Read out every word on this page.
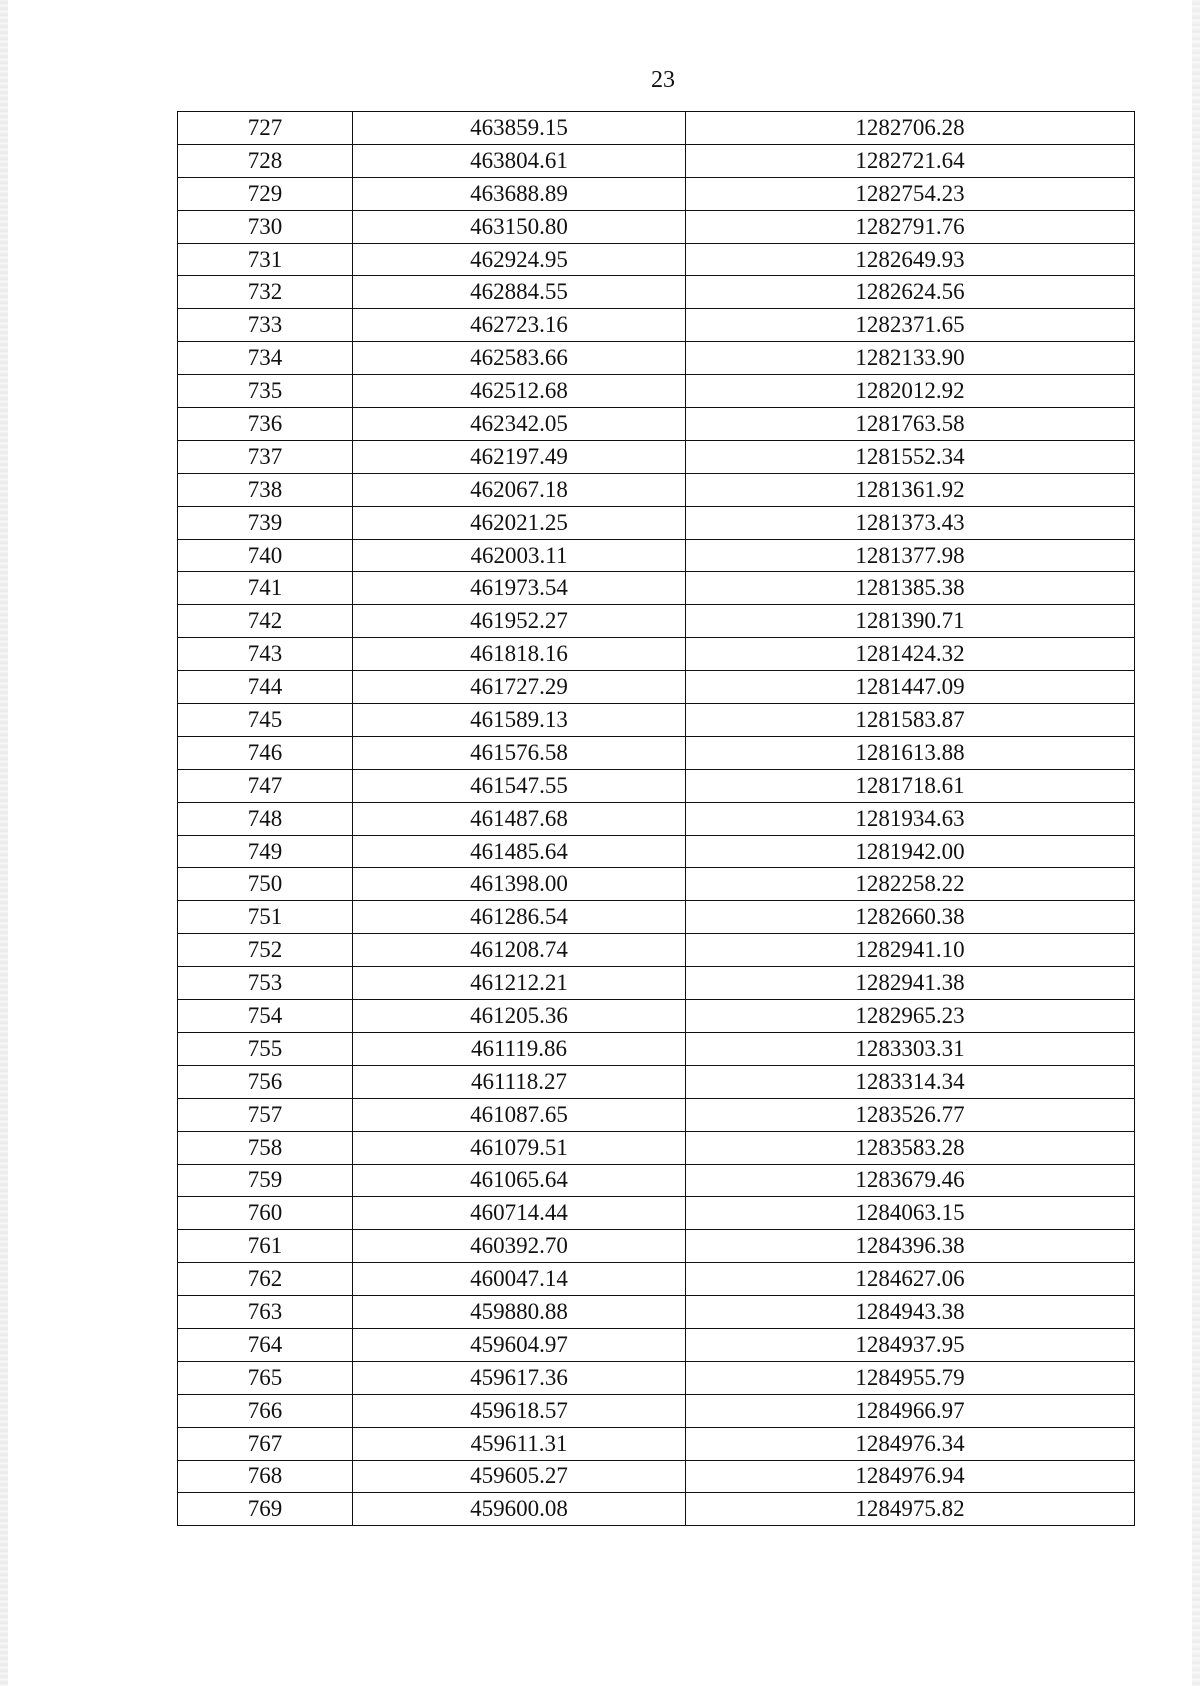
23
727	463859.15	1282706.28
728	463804.61	1282721.64
729	463688.89	1282754.23
730	463150.80	1282791.76
731	462924.95	1282649.93
732	462884.55	1282624.56
733	462723.16	1282371.65
734	462583.66	1282133.90
735	462512.68	1282012.92
736	462342.05	1281763.58
737	462197.49	1281552.34
738	462067.18	1281361.92
739	462021.25	1281373.43
740	462003.11	1281377.98
741	461973.54	1281385.38
742	461952.27	1281390.71
743	461818.16	1281424.32
744	461727.29	1281447.09
745	461589.13	1281583.87
746	461576.58	1281613.88
747	461547.55	1281718.61
748	461487.68	1281934.63
749	461485.64	1281942.00
750	461398.00	1282258.22
751	461286.54	1282660.38
752	461208.74	1282941.10
753	461212.21	1282941.38
754	461205.36	1282965.23
755	461119.86	1283303.31
756	461118.27	1283314.34
757	461087.65	1283526.77
758	461079.51	1283583.28
759	461065.64	1283679.46
760	460714.44	1284063.15
761	460392.70	1284396.38
762	460047.14	1284627.06
763	459880.88	1284943.38
764	459604.97	1284937.95
765	459617.36	1284955.79
766	459618.57	1284966.97
767	459611.31	1284976.34
768	459605.27	1284976.94
769	459600.08	1284975.82
